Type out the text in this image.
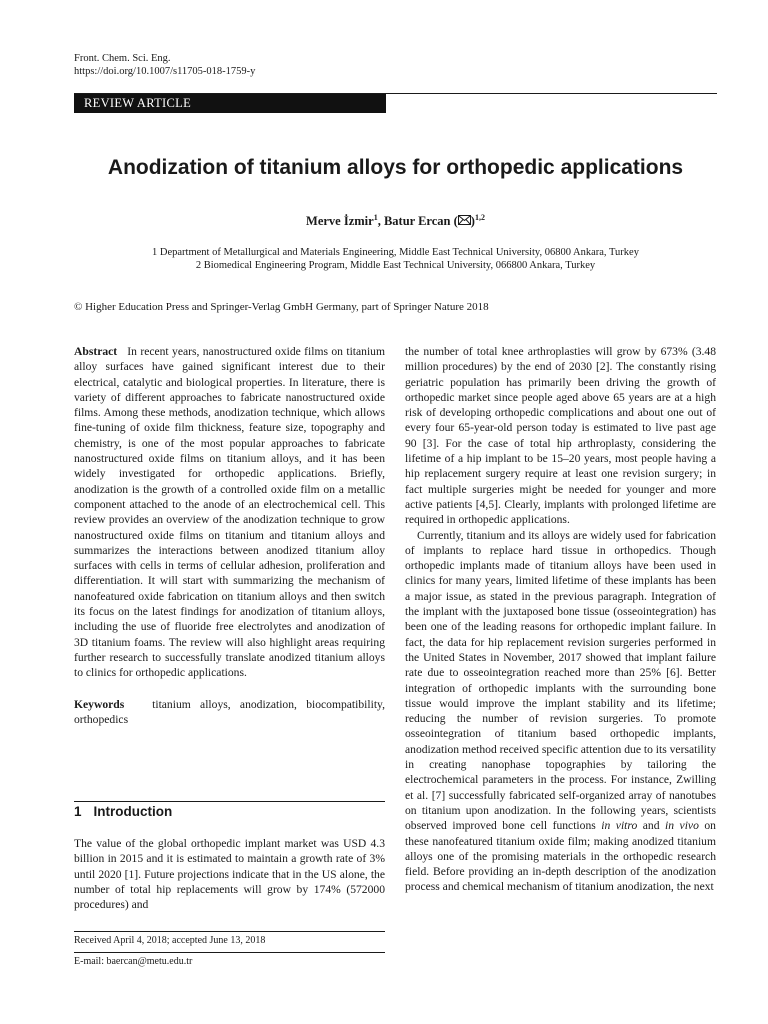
Front. Chem. Sci. Eng.
https://doi.org/10.1007/s11705-018-1759-y
REVIEW ARTICLE
Anodization of titanium alloys for orthopedic applications
Merve İzmir$^1$, Batur Ercan ( )$^{1,2}$
1 Department of Metallurgical and Materials Engineering, Middle East Technical University, 06800 Ankara, Turkey
2 Biomedical Engineering Program, Middle East Technical University, 066800 Ankara, Turkey
© Higher Education Press and Springer-Verlag GmbH Germany, part of Springer Nature 2018

Abstract In recent years, nanostructured oxide films on titanium alloy surfaces have gained significant interest due to their electrical, catalytic and biological properties. In literature, there is variety of different approaches to fabricate nanostructured oxide films. Among these methods, anodization technique, which allows fine-tuning of oxide film thickness, feature size, topography and chemistry, is one of the most popular approaches to fabricate nanostructured oxide films on titanium alloys, and it has been widely investigated for orthopedic applications. Briefly, anodization is the growth of a controlled oxide film on a metallic component attached to the anode of an electrochemical cell. This review provides an overview of the anodization technique to grow nanostructured oxide films on titanium and titanium alloys and summarizes the interactions between anodized titanium alloy surfaces with cells in terms of cellular adhesion, proliferation and differentiation. It will start with summarizing the mechanism of nanofeatured oxide fabrication on titanium alloys and then switch its focus on the latest findings for anodization of titanium alloys, including the use of fluoride free electrolytes and anodization of 3D titanium foams. The review will also highlight areas requiring further research to successfully translate anodized titanium alloys to clinics for orthopedic applications.

Keywords titanium alloys, anodization, biocompatibility, orthopedics

1 Introduction
The value of the global orthopedic implant market was USD 4.3 billion in 2015 and it is estimated to maintain a growth rate of 3% until 2020 [1]. Future projections indicate that in the US alone, the number of total hip replacements will grow by 174% (572000 procedures) and
Received April 4, 2018; accepted June 13, 2018
E-mail: baercan@metu.edu.tr

the number of total knee arthroplasties will grow by 673% (3.48 million procedures) by the end of 2030 [2]. The constantly rising geriatric population has primarily been driving the growth of orthopedic market since people aged above 65 years are at a high risk of developing orthopedic complications and about one out of every four 65-year-old person today is estimated to live past age 90 [3]. For the case of total hip arthroplasty, considering the lifetime of a hip implant to be 15–20 years, most people having a hip replacement surgery require at least one revision surgery; in fact multiple surgeries might be needed for younger and more active patients [4,5]. Clearly, implants with prolonged lifetime are required in orthopedic applications.

Currently, titanium and its alloys are widely used for fabrication of implants to replace hard tissue in orthopedics. Though orthopedic implants made of titanium alloys have been used in clinics for many years, limited lifetime of these implants has been a major issue, as stated in the previous paragraph. Integration of the implant with the juxtaposed bone tissue (osseointegration) has been one of the leading reasons for orthopedic implant failure. In fact, the data for hip replacement revision surgeries performed in the United States in November, 2017 showed that implant failure rate due to osseointegration reached more than 25% [6]. Better integration of orthopedic implants with the surrounding bone tissue would improve the implant stability and its lifetime; reducing the number of revision surgeries. To promote osseointegration of titanium based orthopedic implants, anodization method received specific attention due to its versatility in creating nanophase topographies by tailoring the electrochemical parameters in the process. For instance, Zwilling et al. [7] successfully fabricated self-organized array of nanotubes on titanium upon anodization. In the following years, scientists observed improved bone cell functions in vitro and in vivo on these nanofeatured titanium oxide film; making anodized titanium alloys one of the promising materials in the orthopedic research field. Before providing an in-depth description of the anodization process and chemical mechanism of titanium anodization, the next
